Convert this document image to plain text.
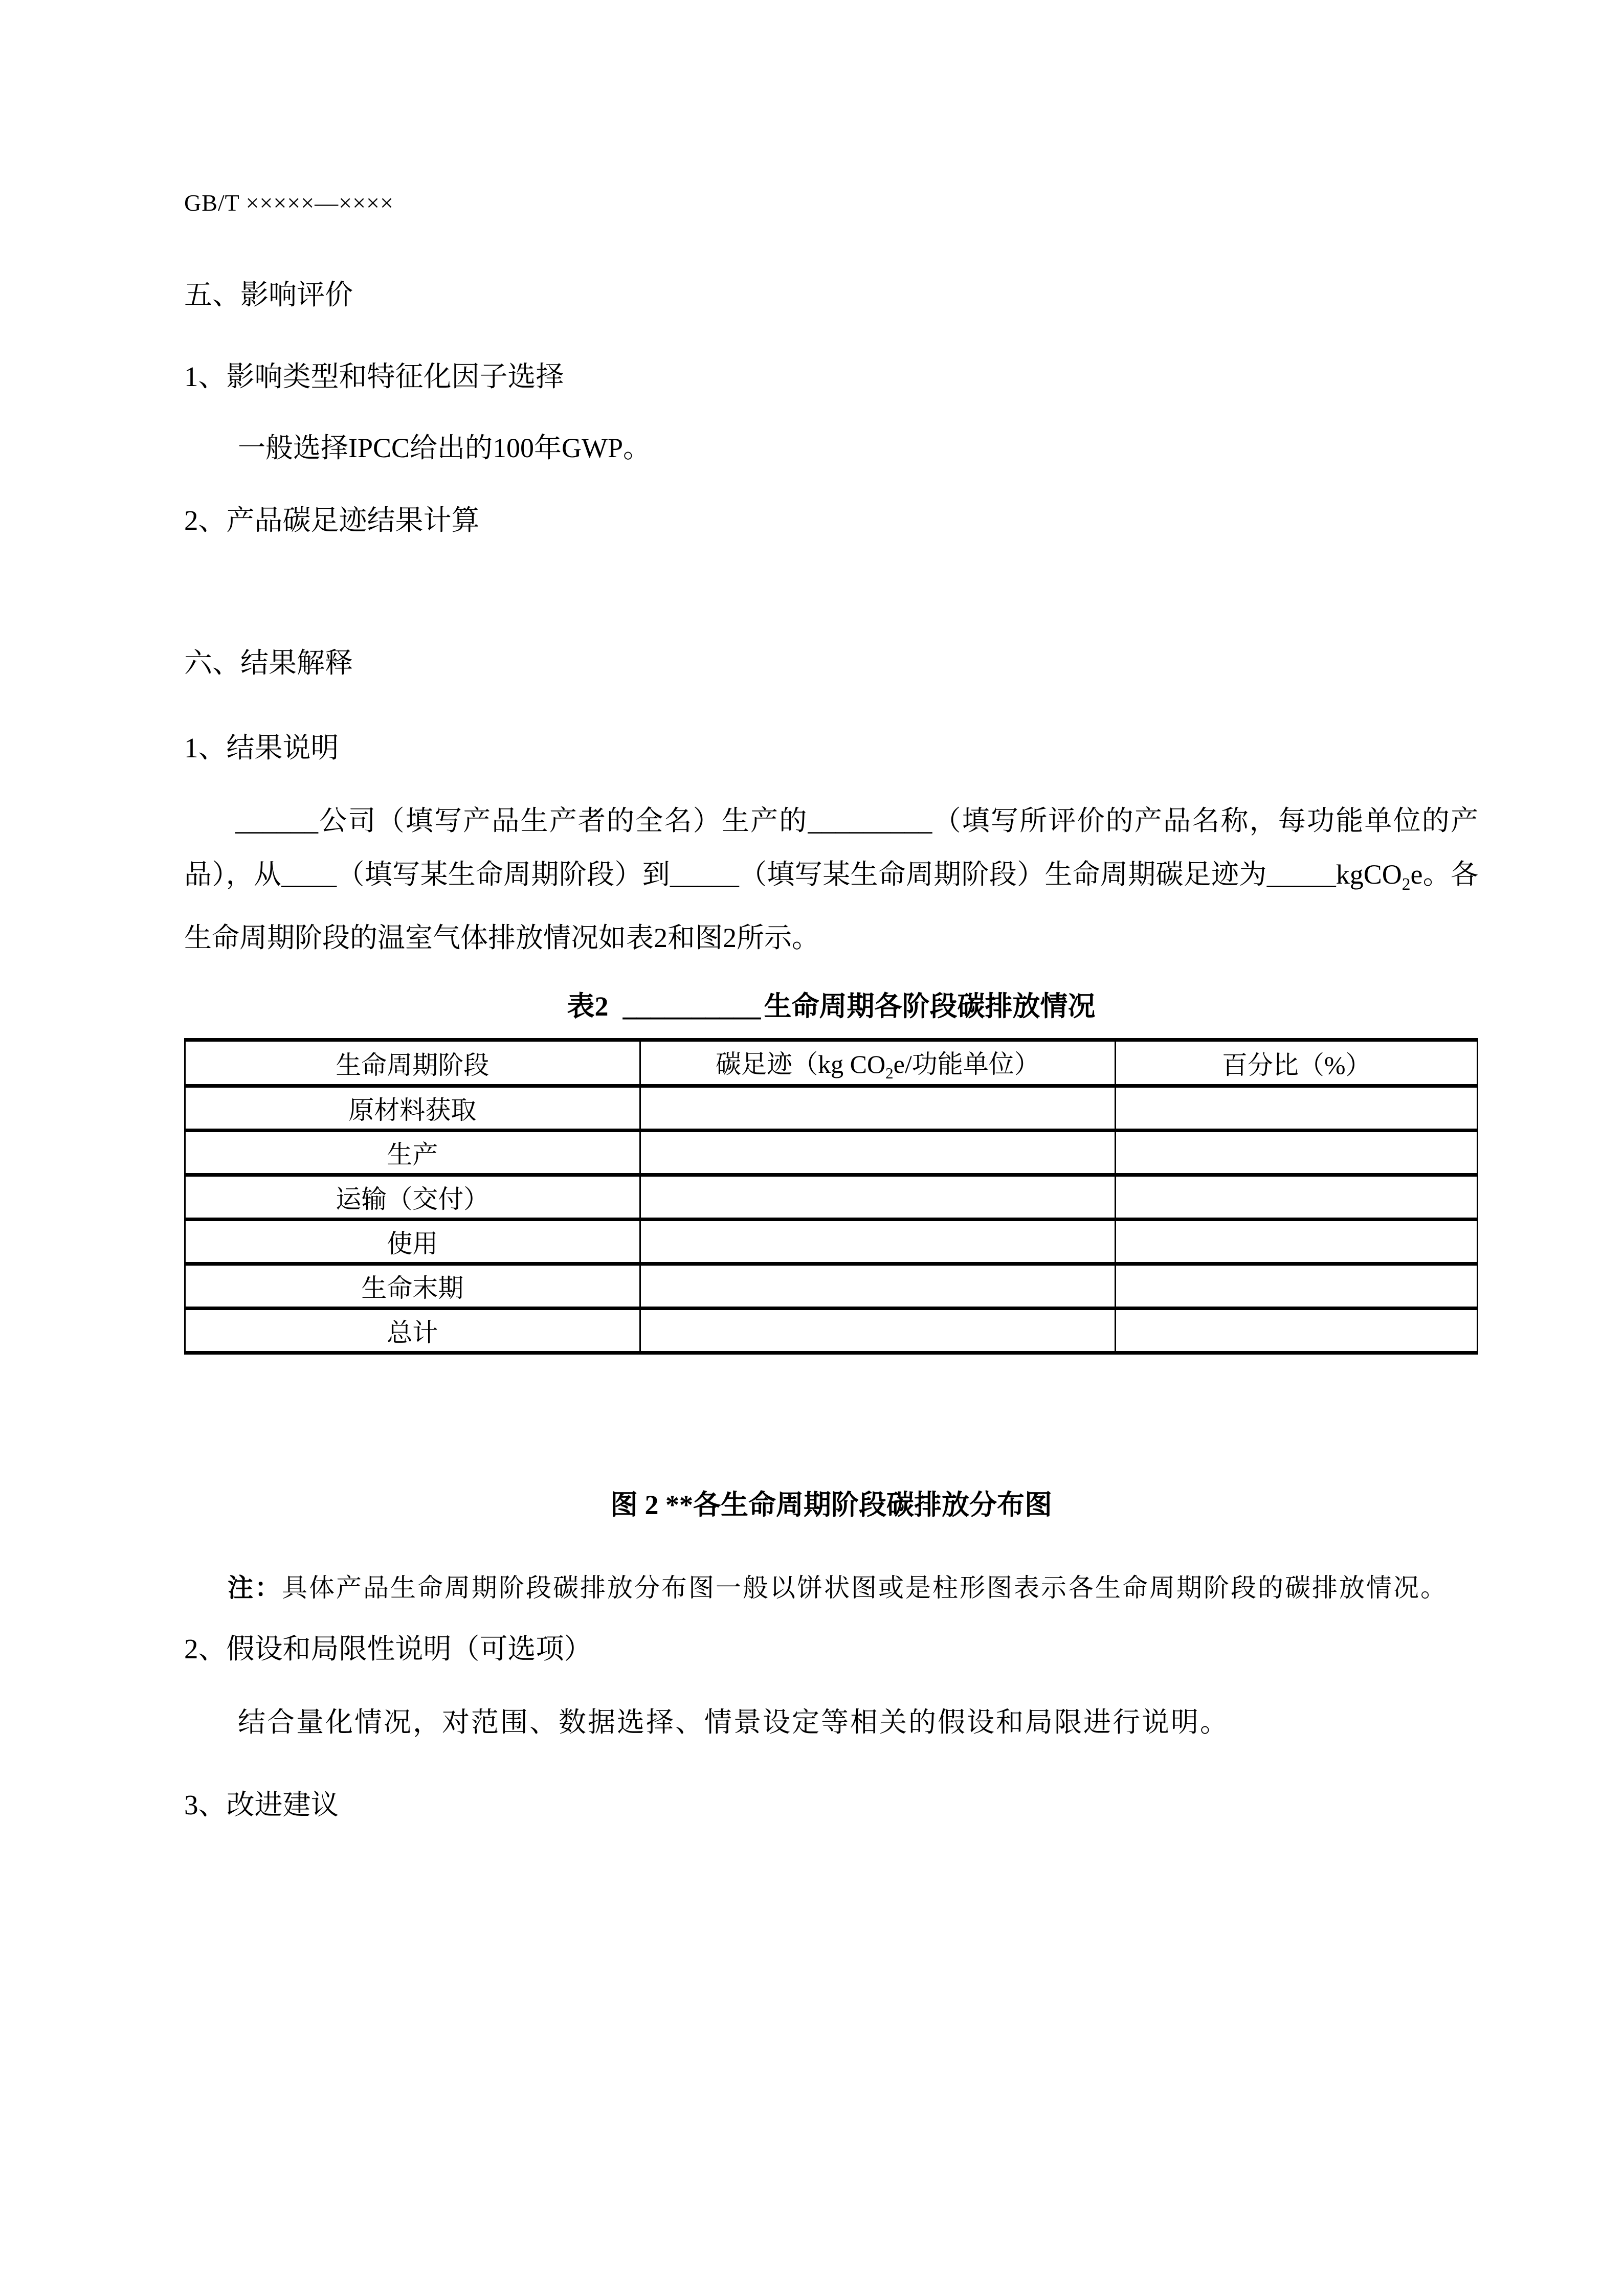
GB/T ×××××—××××
五、影响评价
1、影响类型和特征化因子选择
一般选择IPCC给出的100年GWP。
2、产品碳足迹结果计算
六、结果解释
1、结果说明

______公司（填写产品生产者的全名）生产的_________（填写所评价的产品名称，每功能单位的产品），从____（填写某生命周期阶段）到_____（填写某生命周期阶段）生命周期碳足迹为_____kgCO$_2$e。各生命周期阶段的温室气体排放情况如表2和图2所示。

表2 __________ 生命周期各阶段碳排放情况
生命周期阶段	碳足迹（kg $CO_2e/$功能单位）	百分比（%）
原材料获取		
生产		
运输（交付）		
使用		
生命末期		
总计		
图 2 **各生命周期阶段碳排放分布图

注：具体产品生命周期阶段碳排放分布图一般以饼状图或是柱形图表示各生命周期阶段的碳排放情况。

2、假设和局限性说明（可选项）
结合量化情况，对范围、数据选择、情景设定等相关的假设和局限进行说明。
3、改进建议
